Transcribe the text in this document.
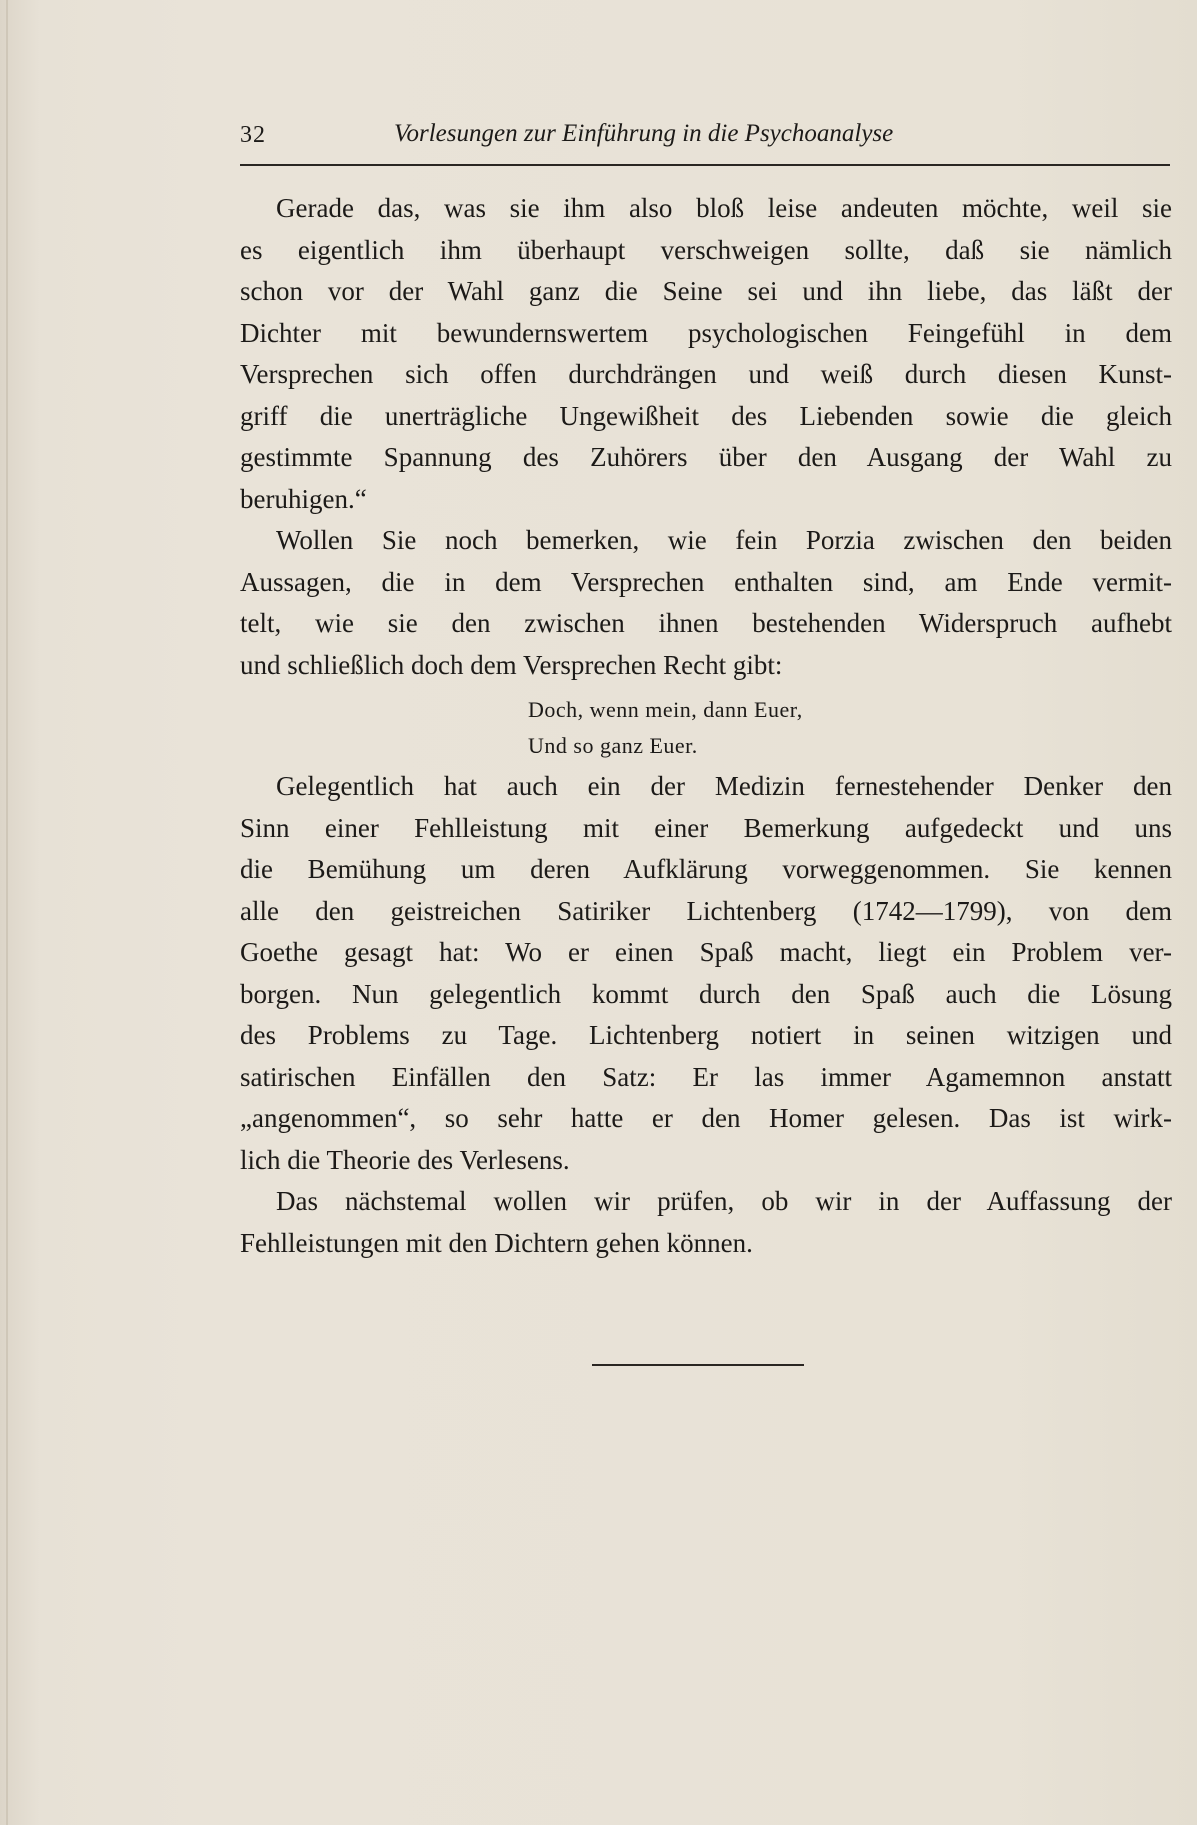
32	Vorlesungen zur Einführung in die Psychoanalyse
Gerade das, was sie ihm also bloß leise andeuten möchte, weil sie
es eigentlich ihm überhaupt verschweigen sollte, daß sie nämlich
schon vor der Wahl ganz die Seine sei und ihn liebe, das läßt der
Dichter mit bewundernswertem psychologischen Feingefühl in dem
Versprechen sich offen durchdrängen und weiß durch diesen Kunst-
griff die unerträgliche Ungewißheit des Liebenden sowie die gleich
gestimmte Spannung des Zuhörers über den Ausgang der Wahl zu
beruhigen.“
Wollen Sie noch bemerken, wie fein Porzia zwischen den beiden
Aussagen, die in dem Versprechen enthalten sind, am Ende vermit-
telt, wie sie den zwischen ihnen bestehenden Widerspruch aufhebt
und schließlich doch dem Versprechen Recht gibt:
Gelegentlich hat auch ein der Medizin fernestehender Denker den
Sinn einer Fehlleistung mit einer Bemerkung aufgedeckt und uns
die Bemühung um deren Aufklärung vorweggenommen. Sie kennen
alle den geistreichen Satiriker Lichtenberg (1742—1799), von dem
Goethe gesagt hat: Wo er einen Spaß macht, liegt ein Problem ver-
borgen. Nun gelegentlich kommt durch den Spaß auch die Lösung
des Problems zu Tage. Lichtenberg notiert in seinen witzigen und
satirischen Einfällen den Satz: Er las immer Agamemnon anstatt
„angenommen“, so sehr hatte er den Homer gelesen. Das ist wirk-
lich die Theorie des Verlesens.
Das nächstemal wollen wir prüfen, ob wir in der Auffassung der
Fehlleistungen mit den Dichtern gehen können.
Doch, wenn mein, dann Euer,
Und so ganz Euer.
